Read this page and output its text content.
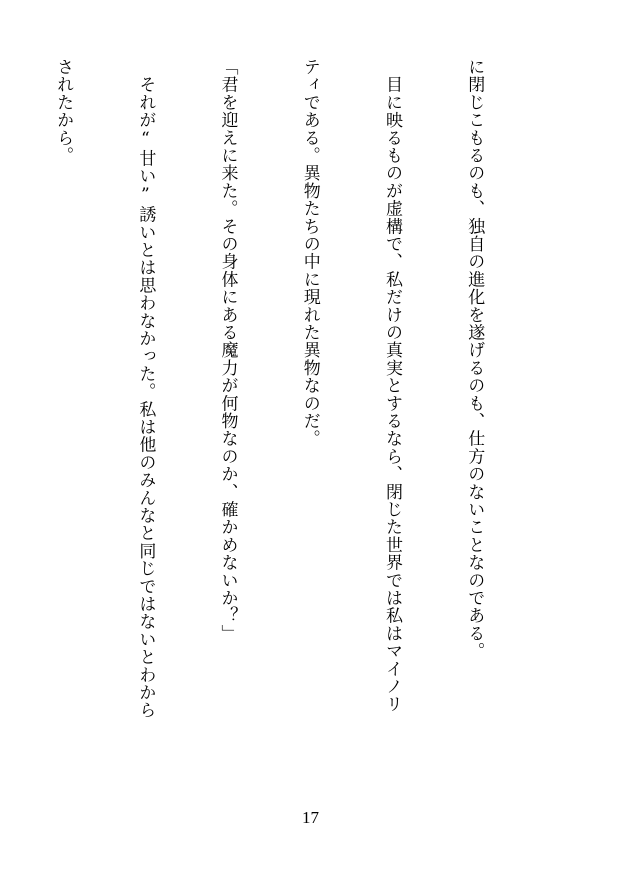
に閉じこもるのも、独自の進化を遂げるのも、仕方のないことなのである。

　目に映るものが虚構で、私だけの真実とするなら、閉じた世界では私はマイノリ

ティである。異物たちの中に現れた異物なのだ。

「君を迎えに来た。その身体にある魔力が何物なのか、確かめないか？」

　それが“甘い”誘いとは思わなかった。私は他のみんなと同じではないとわから

されたから。

17
